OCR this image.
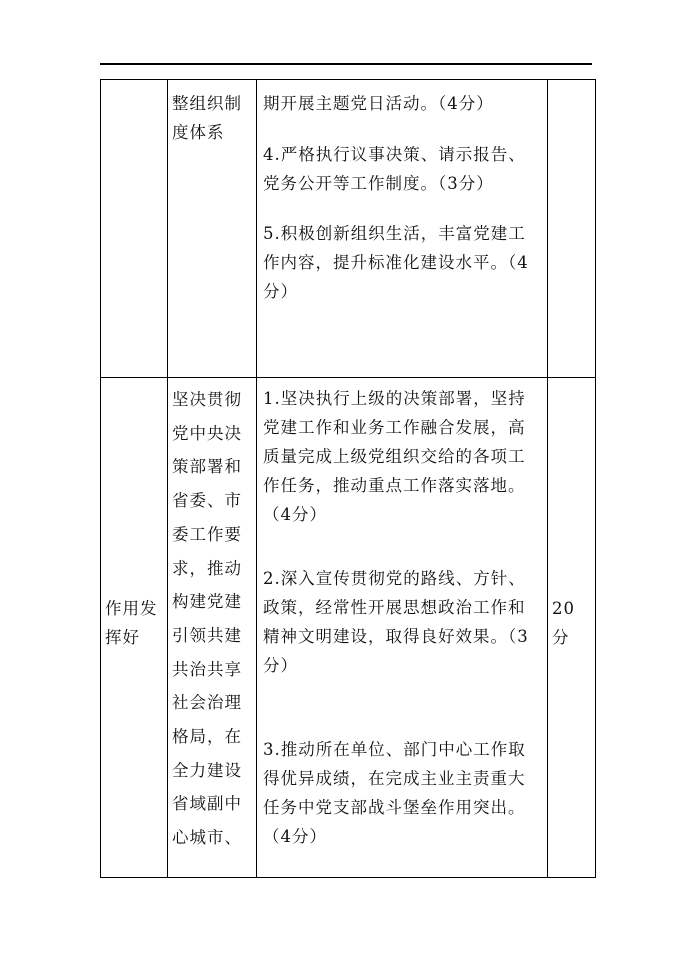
整组织制
度体系
期开展主题党日活动。（4分）
4.严格执行议事决策、请示报告、
党务公开等工作制度。（3分）
5.积极创新组织生活，丰富党建工
作内容，提升标准化建设水平。（4
分）
作用发
挥好
坚决贯彻
党中央决
策部署和
省委、市
委工作要
求，推动
构建党建
引领共建
共治共享
社会治理
格局，在
全力建设
省域副中
心城市、
1.坚决执行上级的决策部署，坚持
党建工作和业务工作融合发展，高
质量完成上级党组织交给的各项工
作任务，推动重点工作落实落地。
（4分）
2.深入宣传贯彻党的路线、方针、
政策，经常性开展思想政治工作和
精神文明建设，取得良好效果。（3
分）
3.推动所在单位、部门中心工作取
得优异成绩，在完成主业主责重大
任务中党支部战斗堡垒作用突出。
（4分）
20
分
